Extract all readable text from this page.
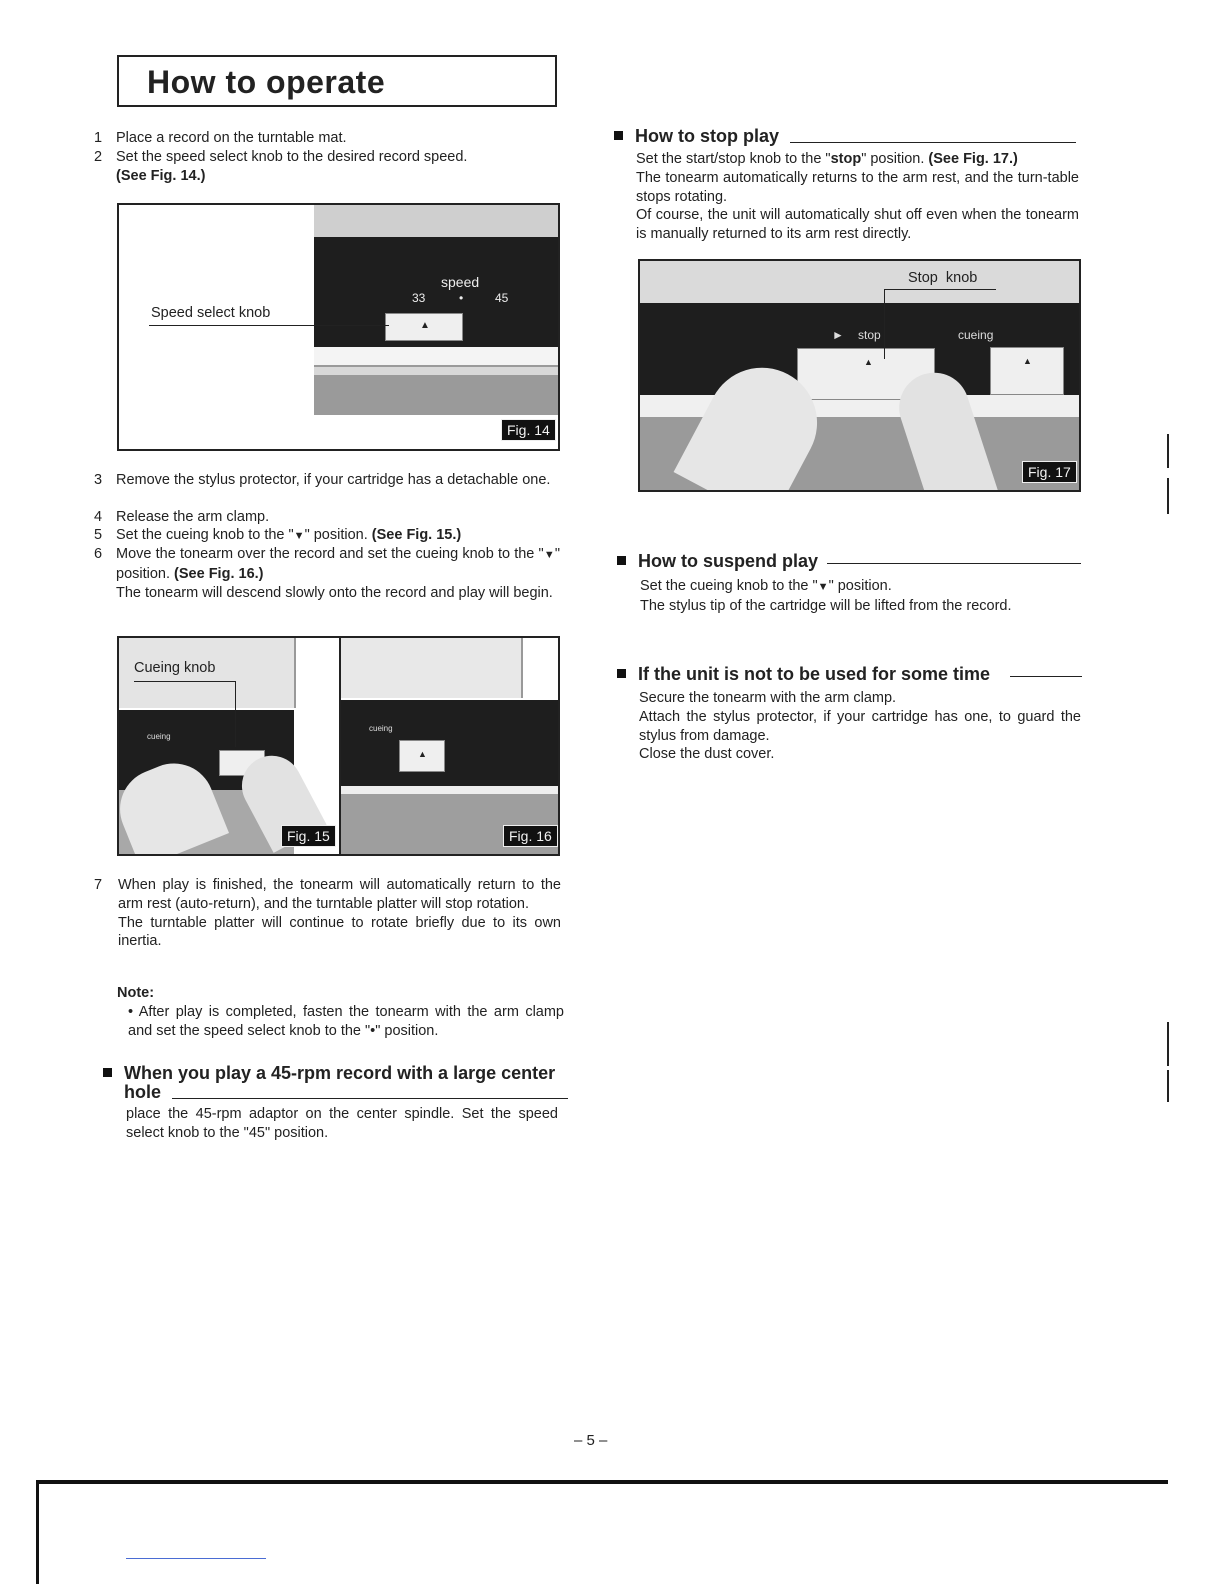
How to operate
1 Place a record on the turntable mat.
2 Set the speed select knob to the desired record speed.
(See Fig. 14.)
speed
33	•	45
▲
Speed select knob
Fig. 14
3 Remove the stylus protector, if your cartridge has a detachable one.
4 Release the arm clamp.
5 Set the cueing knob to the "▼" position. (See Fig. 15.)
6 Move the tonearm over the record and set the cueing knob to the "▼" position. (See Fig. 16.)
The tonearm will descend slowly onto the record and play will begin.
cueing
Cueing knob
Fig. 15
cueing
▲
Fig. 16
7 When play is finished, the tonearm will automatically return to the arm rest (auto-return), and the turntable platter will stop rotation.
The turntable platter will continue to rotate briefly due to its own inertia.
Note:
• After play is completed, fasten the tonearm with the arm clamp and set the speed select knob to the "•" position.
When you play a 45-rpm record with a large center
hole
place the 45-rpm adaptor on the center spindle. Set the speed select knob to the "45" position.
How to stop play
Set the start/stop knob to the "stop" position. (See Fig. 17.)
The tonearm automatically returns to the arm rest, and the turn-table stops rotating.
Of course, the unit will automatically shut off even when the tonearm is manually returned to its arm rest directly.
► stop	cueing
▲	▲
Stop  knob
Fig. 17
How to suspend play
Set the cueing knob to the "▼" position.
The stylus tip of the cartridge will be lifted from the record.
If the unit is not to be used for some time
Secure the tonearm with the arm clamp.
Attach the stylus protector, if your cartridge has one, to guard the stylus from damage.
Close the dust cover.
– 5 –
